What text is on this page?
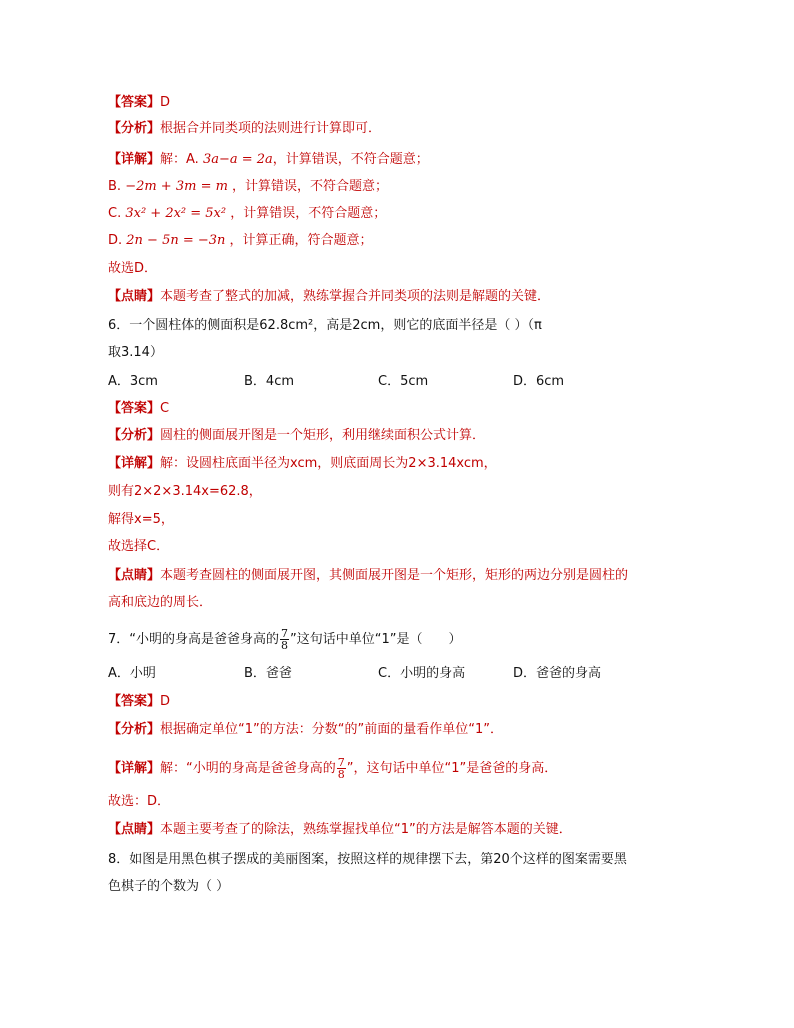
【答案】D
【分析】根据合并同类项的法则进行计算即可．
【详解】解：A. 3a−a = 2a，计算错误，不符合题意；
B. −2m + 3m = m ，计算错误，不符合题意；
C. 3x² + 2x² = 5x² ，计算错误，不符合题意；
D. 2n − 5n = −3n ，计算正确，符合题意；
故选D．
【点睛】本题考查了整式的加减，熟练掌握合并同类项的法则是解题的关键．
6．一个圆柱体的侧面积是62.8cm²，高是2cm，则它的底面半径是（ ）（π
取3.14）
A．3cm	B．4cm	C．5cm	D．6cm
【答案】C
【分析】圆柱的侧面展开图是一个矩形，利用继续面积公式计算．
【详解】解：设圆柱底面半径为xcm，则底面周长为2×3.14xcm，
则有2×2×3.14x=62.8，
解得x=5，
故选择C．
【点睛】本题考查圆柱的侧面展开图，其侧面展开图是一个矩形，矩形的两边分别是圆柱的
高和底边的周长．
7．“小明的身高是爸爸身高的 $\frac{7}{8}$ ”这句话中单位“1”是（　　）
A．小明	B．爸爸	C．小明的身高	D．爸爸的身高
【答案】D
【分析】根据确定单位“1”的方法：分数“的”前面的量看作单位“1”．
【详解】解：“小明的身高是爸爸身高的 $\frac{7}{8}$ ”，这句话中单位“1”是爸爸的身高．
故选：D．
【点睛】本题主要考查了的除法，熟练掌握找单位“1”的方法是解答本题的关键．
8．如图是用黑色棋子摆成的美丽图案，按照这样的规律摆下去，第20个这样的图案需要黑
色棋子的个数为（ ）
